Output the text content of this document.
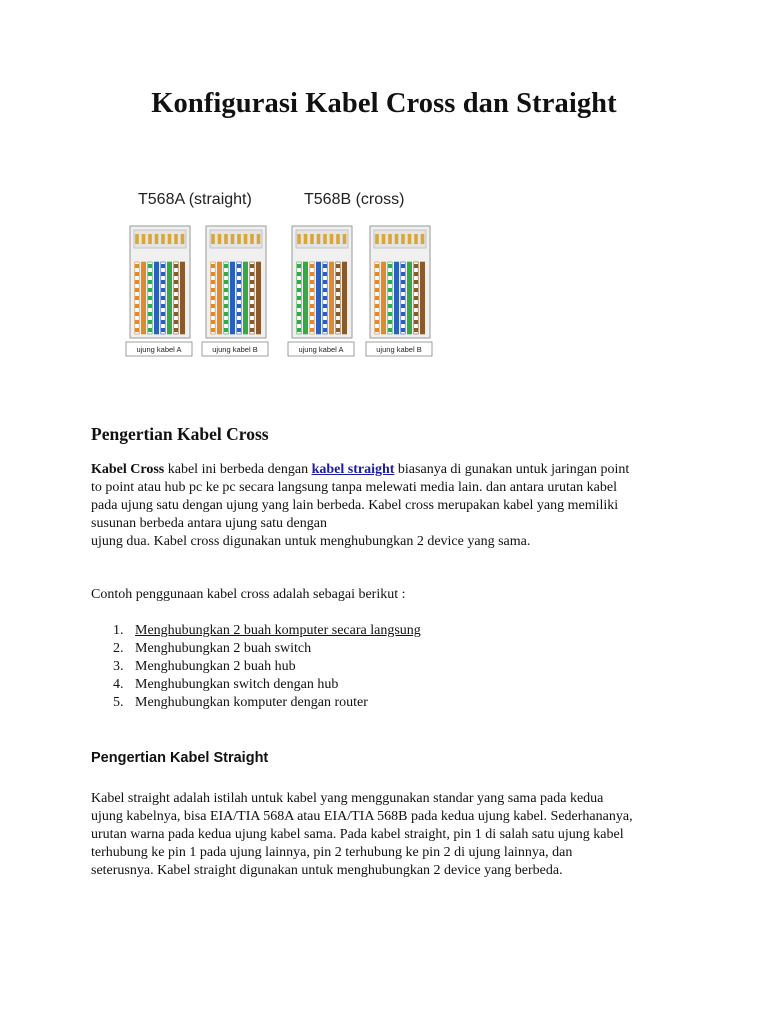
Konfigurasi Kabel Cross dan Straight
T568A (straight)	T568B (cross)
ujung kabel A	ujung kabel B	ujung kabel A	ujung kabel B
Pengertian Kabel Cross

Kabel Cross kabel ini berbeda dengan kabel straight biasanya di gunakan untuk jaringan point
to point atau hub pc ke pc secara langsung tanpa melewati media lain. dan antara urutan kabel
pada ujung satu dengan ujung yang lain berbeda. Kabel cross merupakan kabel yang memiliki
susunan berbeda antara ujung satu dengan
ujung dua. Kabel cross digunakan untuk menghubungkan 2 device yang sama.

Contoh penggunaan kabel cross adalah sebagai berikut :

1. Menghubungkan 2 buah komputer secara langsung
2. Menghubungkan 2 buah switch
3. Menghubungkan 2 buah hub
4. Menghubungkan switch dengan hub
5. Menghubungkan komputer dengan router
Pengertian Kabel Straight

Kabel straight adalah istilah untuk kabel yang menggunakan standar yang sama pada kedua
ujung kabelnya, bisa EIA/TIA 568A atau EIA/TIA 568B pada kedua ujung kabel. Sederhananya,
urutan warna pada kedua ujung kabel sama. Pada kabel straight, pin 1 di salah satu ujung kabel
terhubung ke pin 1 pada ujung lainnya, pin 2 terhubung ke pin 2 di ujung lainnya, dan
seterusnya. Kabel straight digunakan untuk menghubungkan 2 device yang berbeda.
